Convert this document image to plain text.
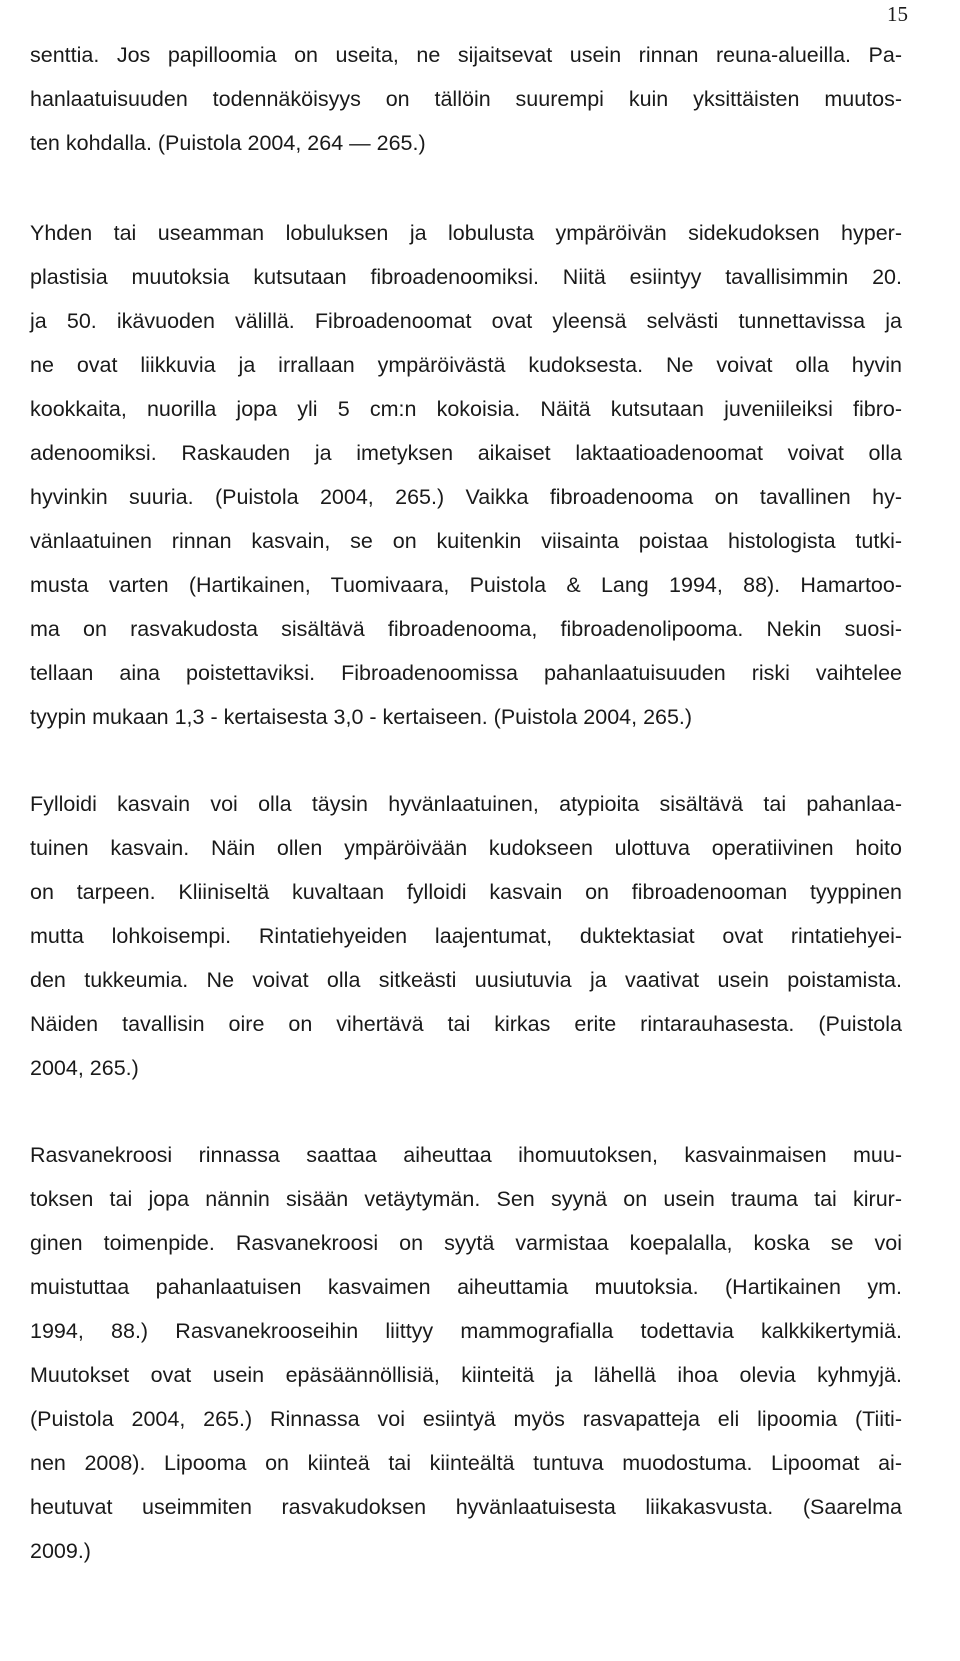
15
senttia. Jos papilloomia on useita, ne sijaitsevat usein rinnan reuna-alueilla. Pa-
hanlaatuisuuden todennäköisyys on tällöin suurempi kuin yksittäisten muutos-
ten kohdalla. (Puistola 2004, 264 — 265.)
Yhden tai useamman lobuluksen ja lobulusta ympäröivän sidekudoksen hyper-
plastisia muutoksia kutsutaan fibroadenoomiksi. Niitä esiintyy tavallisimmin 20.
ja 50. ikävuoden välillä. Fibroadenoomat ovat yleensä selvästi tunnettavissa ja
ne ovat liikkuvia ja irrallaan ympäröivästä kudoksesta. Ne voivat olla hyvin
kookkaita, nuorilla jopa yli 5 cm:n kokoisia. Näitä kutsutaan juveniileiksi fibro-
adenoomiksi. Raskauden ja imetyksen aikaiset laktaatioadenoomat voivat olla
hyvinkin suuria. (Puistola 2004, 265.) Vaikka fibroadenooma on tavallinen hy-
vänlaatuinen rinnan kasvain, se on kuitenkin viisainta poistaa histologista tutki-
musta varten (Hartikainen, Tuomivaara, Puistola & Lang 1994, 88). Hamartoo-
ma on rasvakudosta sisältävä fibroadenooma, fibroadenolipooma. Nekin suosi-
tellaan aina poistettaviksi. Fibroadenoomissa pahanlaatuisuuden riski vaihtelee
tyypin mukaan 1,3 - kertaisesta 3,0 - kertaiseen. (Puistola 2004, 265.)
Fylloidi kasvain voi olla täysin hyvänlaatuinen, atypioita sisältävä tai pahanlaa-
tuinen kasvain. Näin ollen ympäröivään kudokseen ulottuva operatiivinen hoito
on tarpeen. Kliiniseltä kuvaltaan fylloidi kasvain on fibroadenooman tyyppinen
mutta lohkoisempi. Rintatiehyeiden laajentumat, duktektasiat ovat rintatiehyei-
den tukkeumia. Ne voivat olla sitkeästi uusiutuvia ja vaativat usein poistamista.
Näiden tavallisin oire on vihertävä tai kirkas erite rintarauhasesta. (Puistola
2004, 265.)
Rasvanekroosi rinnassa saattaa aiheuttaa ihomuutoksen, kasvainmaisen muu-
toksen tai jopa nännin sisään vetäytymän. Sen syynä on usein trauma tai kirur-
ginen toimenpide. Rasvanekroosi on syytä varmistaa koepalalla, koska se voi
muistuttaa pahanlaatuisen kasvaimen aiheuttamia muutoksia. (Hartikainen ym.
1994, 88.) Rasvanekrooseihin liittyy mammografialla todettavia kalkkikertymiä.
Muutokset ovat usein epäsäännöllisiä, kiinteitä ja lähellä ihoa olevia kyhmyjä.
(Puistola 2004, 265.) Rinnassa voi esiintyä myös rasvapatteja eli lipoomia (Tiiti-
nen 2008). Lipooma on kiinteä tai kiinteältä tuntuva muodostuma. Lipoomat ai-
heutuvat useimmiten rasvakudoksen hyvänlaatuisesta liikakasvusta. (Saarelma
2009.)
